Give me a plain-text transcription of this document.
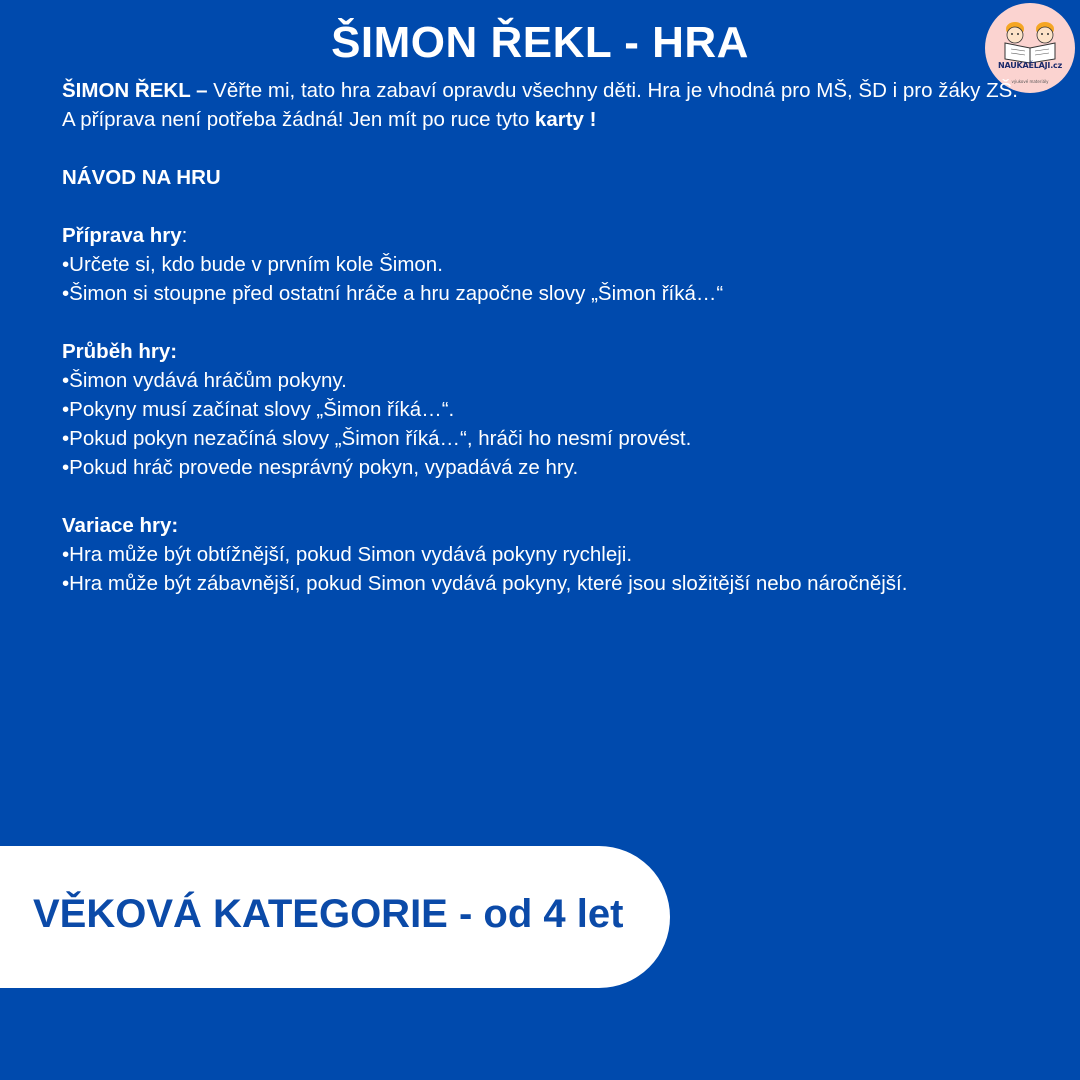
ŠIMON ŘEKL - HRA
výukové materiály
NAUKAĚLAJI.cz

ŠIMON ŘEKL – Věřte mi, tato hra zabaví opravdu všechny děti. Hra je vhodná pro MŠ, ŠD i pro žáky ZŠ. A příprava není potřeba žádná! Jen mít po ruce tyto karty !

NÁVOD NA HRU

Příprava hry:

•Určete si, kdo bude v prvním kole Šimon.

•Šimon si stoupne před ostatní hráče a hru započne slovy „Šimon říká…“

Průběh hry:

•Šimon vydává hráčům pokyny.

•Pokyny musí začínat slovy „Šimon říká…“.

•Pokud pokyn nezačíná slovy „Šimon říká…“, hráči ho nesmí provést.

•Pokud hráč provede nesprávný pokyn, vypadává ze hry.

Variace hry:

•Hra může být obtížnější, pokud Simon vydává pokyny rychleji.

•Hra může být zábavnější, pokud Simon vydává pokyny, které jsou složitější nebo náročnější.

VĚKOVÁ KATEGORIE - od 4 let
